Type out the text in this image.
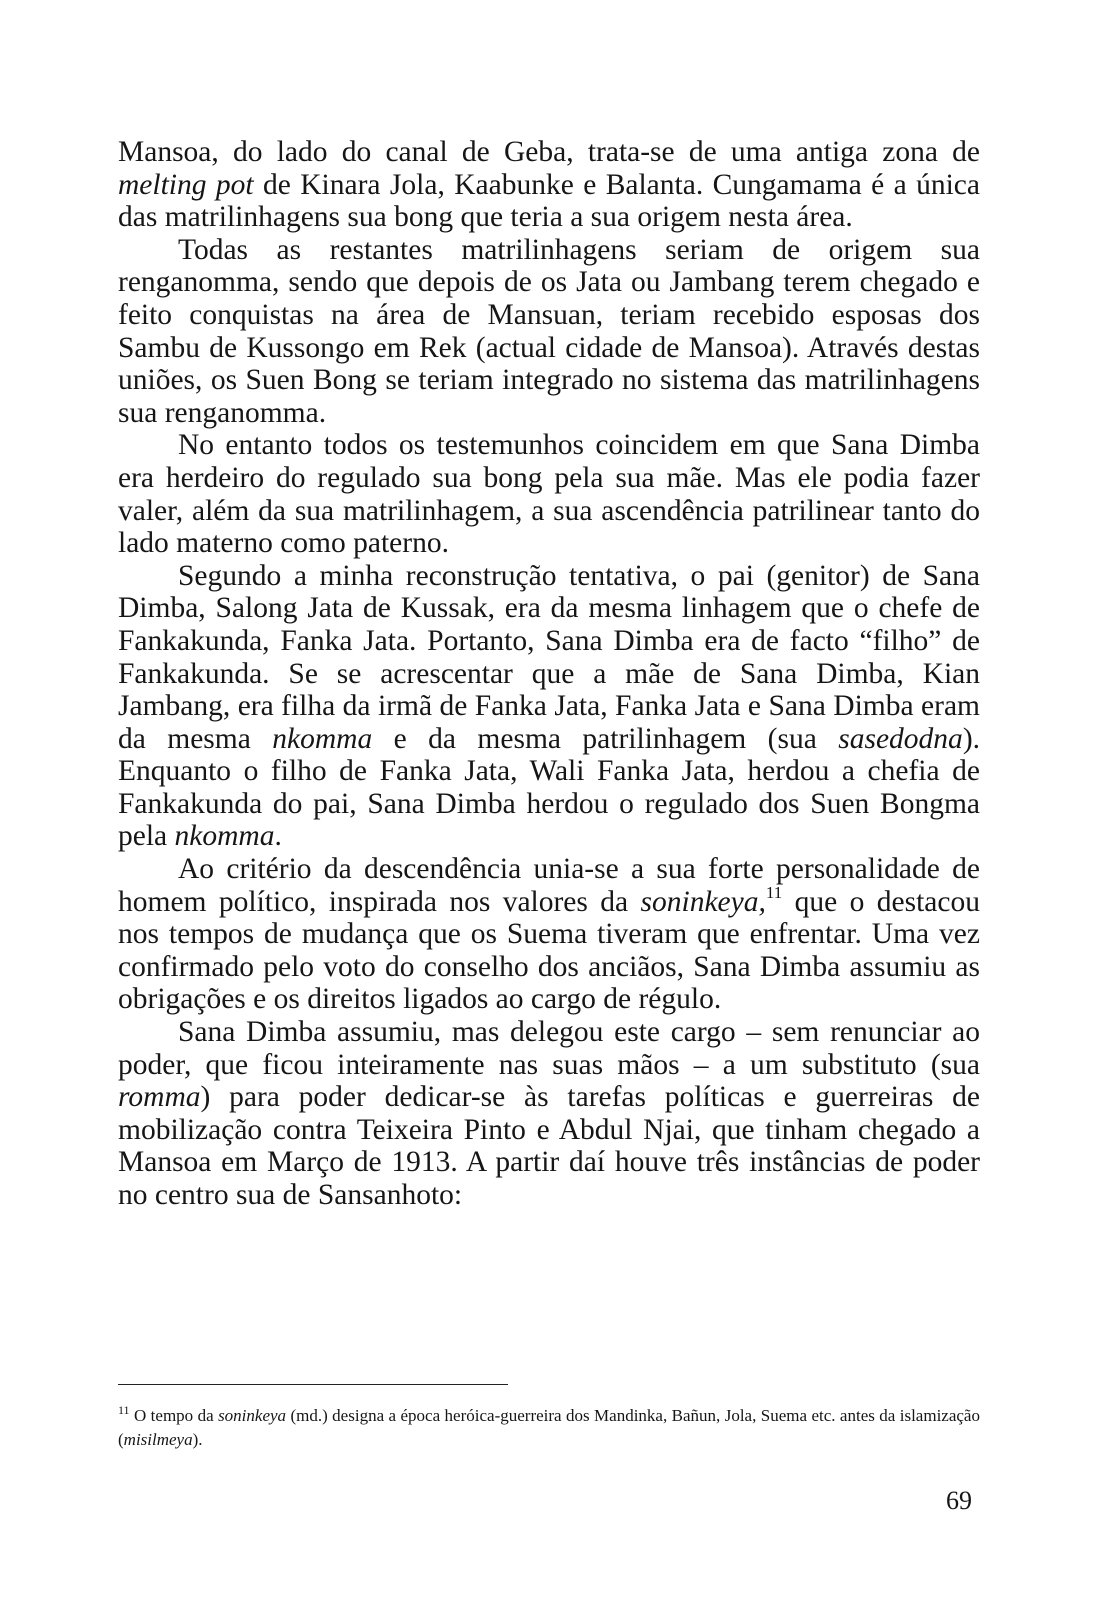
Mansoa, do lado do canal de Geba, trata-se de uma antiga zona de melting pot de Kinara Jola, Kaabunke e Balanta. Cungamama é a única das matrilinhagens sua bong que teria a sua origem nesta área.

Todas as restantes matrilinhagens seriam de origem sua renganomma, sendo que depois de os Jata ou Jambang terem chegado e feito conquistas na área de Mansuan, teriam recebido esposas dos Sambu de Kussongo em Rek (actual cidade de Mansoa). Através destas uniões, os Suen Bong se teriam integrado no sistema das matrilinhagens sua renganomma.

No entanto todos os testemunhos coincidem em que Sana Dimba era herdeiro do regulado sua bong pela sua mãe. Mas ele podia fazer valer, além da sua matrilinhagem, a sua ascendência patrilinear tanto do lado materno como paterno.

Segundo a minha reconstrução tentativa, o pai (genitor) de Sana Dimba, Salong Jata de Kussak, era da mesma linhagem que o chefe de Fankakunda, Fanka Jata. Portanto, Sana Dimba era de facto “filho” de Fankakunda. Se se acrescentar que a mãe de Sana Dimba, Kian Jambang, era filha da irmã de Fanka Jata, Fanka Jata e Sana Dimba eram da mesma nkomma e da mesma patrilinhagem (sua sasedodna). Enquanto o filho de Fanka Jata, Wali Fanka Jata, herdou a chefia de Fankakunda do pai, Sana Dimba herdou o regulado dos Suen Bongma pela nkomma.

Ao critério da descendência unia-se a sua forte personalidade de homem político, inspirada nos valores da soninkeya,$^{11}$ que o destacou nos tempos de mudança que os Suema tiveram que enfrentar. Uma vez confirmado pelo voto do conselho dos anciãos, Sana Dimba assumiu as obrigações e os direitos ligados ao cargo de régulo.

Sana Dimba assumiu, mas delegou este cargo – sem renunciar ao poder, que ficou inteiramente nas suas mãos – a um substituto (sua romma) para poder dedicar-se às tarefas políticas e guerreiras de mobilização contra Teixeira Pinto e Abdul Njai, que tinham chegado a Mansoa em Março de 1913. A partir daí houve três instâncias de poder no centro sua de Sansanhoto:

$^{11}$ O tempo da soninkeya (md.) designa a época heróica-guerreira dos Mandinka, Bañun, Jola, Suema etc. antes da islamização (misilmeya).
69
